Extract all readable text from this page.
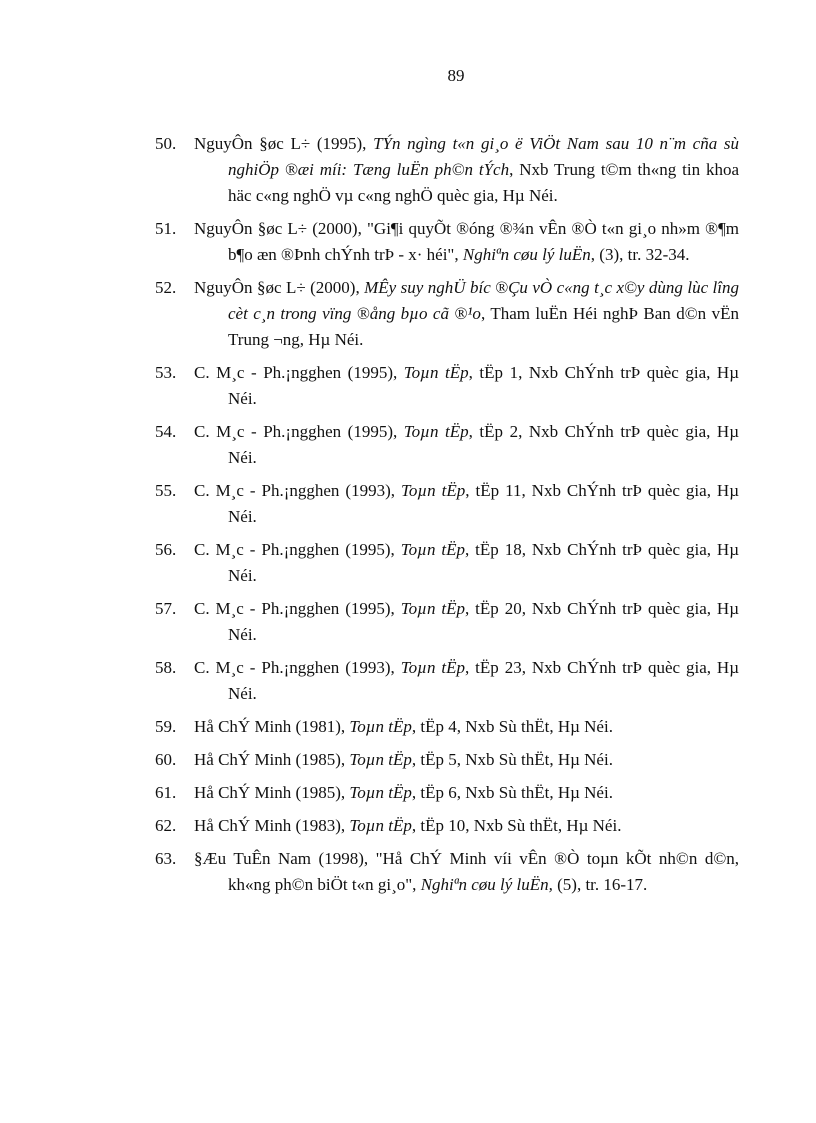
89
50. NguyÔn §øc L÷ (1995), TÝn ngìng t«n gi¸o ë ViÖt Nam sau 10 n¨m cña sù nghiÖp ®æi míi: Tæng luËn ph©n tÝch, Nxb Trung t©m th«ng tin khoa häc c«ng nghÖ vµ c«ng nghÖ quèc gia, Hµ Néi.
51. NguyÔn §øc L÷ (2000), "Gi¶i quyÕt ®óng ®¾n vÊn ®Ò t«n gi¸o nh»m ®¶m b¶o æn ®Þnh chÝnh trÞ - x· héi", Nghiªn cøu lý luËn, (3), tr. 32-34.
52. NguyÔn §øc L÷ (2000), MÊy suy nghÜ bíc ®Çu vÒ c«ng t¸c x©y dùng lùc lîng cèt c¸n trong vïng ®ång bµo cã ®¹o, Tham luËn Héi nghÞ Ban d©n vËn Trung ¬ng, Hµ Néi.
53. C. M¸c - Ph.¡ngghen (1995), Toµn tËp, tËp 1, Nxb ChÝnh trÞ quèc gia, Hµ Néi.
54. C. M¸c - Ph.¡ngghen (1995), Toµn tËp, tËp 2, Nxb ChÝnh trÞ quèc gia, Hµ Néi.
55. C. M¸c - Ph.¡ngghen (1993), Toµn tËp, tËp 11, Nxb ChÝnh trÞ quèc gia, Hµ Néi.
56. C. M¸c - Ph.¡ngghen (1995), Toµn tËp, tËp 18, Nxb ChÝnh trÞ quèc gia, Hµ Néi.
57. C. M¸c - Ph.¡ngghen (1995), Toµn tËp, tËp 20, Nxb ChÝnh trÞ quèc gia, Hµ Néi.
58. C. M¸c - Ph.¡ngghen (1993), Toµn tËp, tËp 23, Nxb ChÝnh trÞ quèc gia, Hµ Néi.
59. Hå ChÝ Minh (1981), Toµn tËp, tËp 4, Nxb Sù thËt, Hµ Néi.
60. Hå ChÝ Minh (1985), Toµn tËp, tËp 5, Nxb Sù thËt, Hµ Néi.
61. Hå ChÝ Minh (1985), Toµn tËp, tËp 6, Nxb Sù thËt, Hµ Néi.
62. Hå ChÝ Minh (1983), Toµn tËp, tËp 10, Nxb Sù thËt, Hµ Néi.
63. §Æu TuÊn Nam (1998), "Hå ChÝ Minh víi vÊn ®Ò toµn kÕt nh©n d©n, kh«ng ph©n biÖt t«n gi¸o", Nghiªn cøu lý luËn, (5), tr. 16-17.
